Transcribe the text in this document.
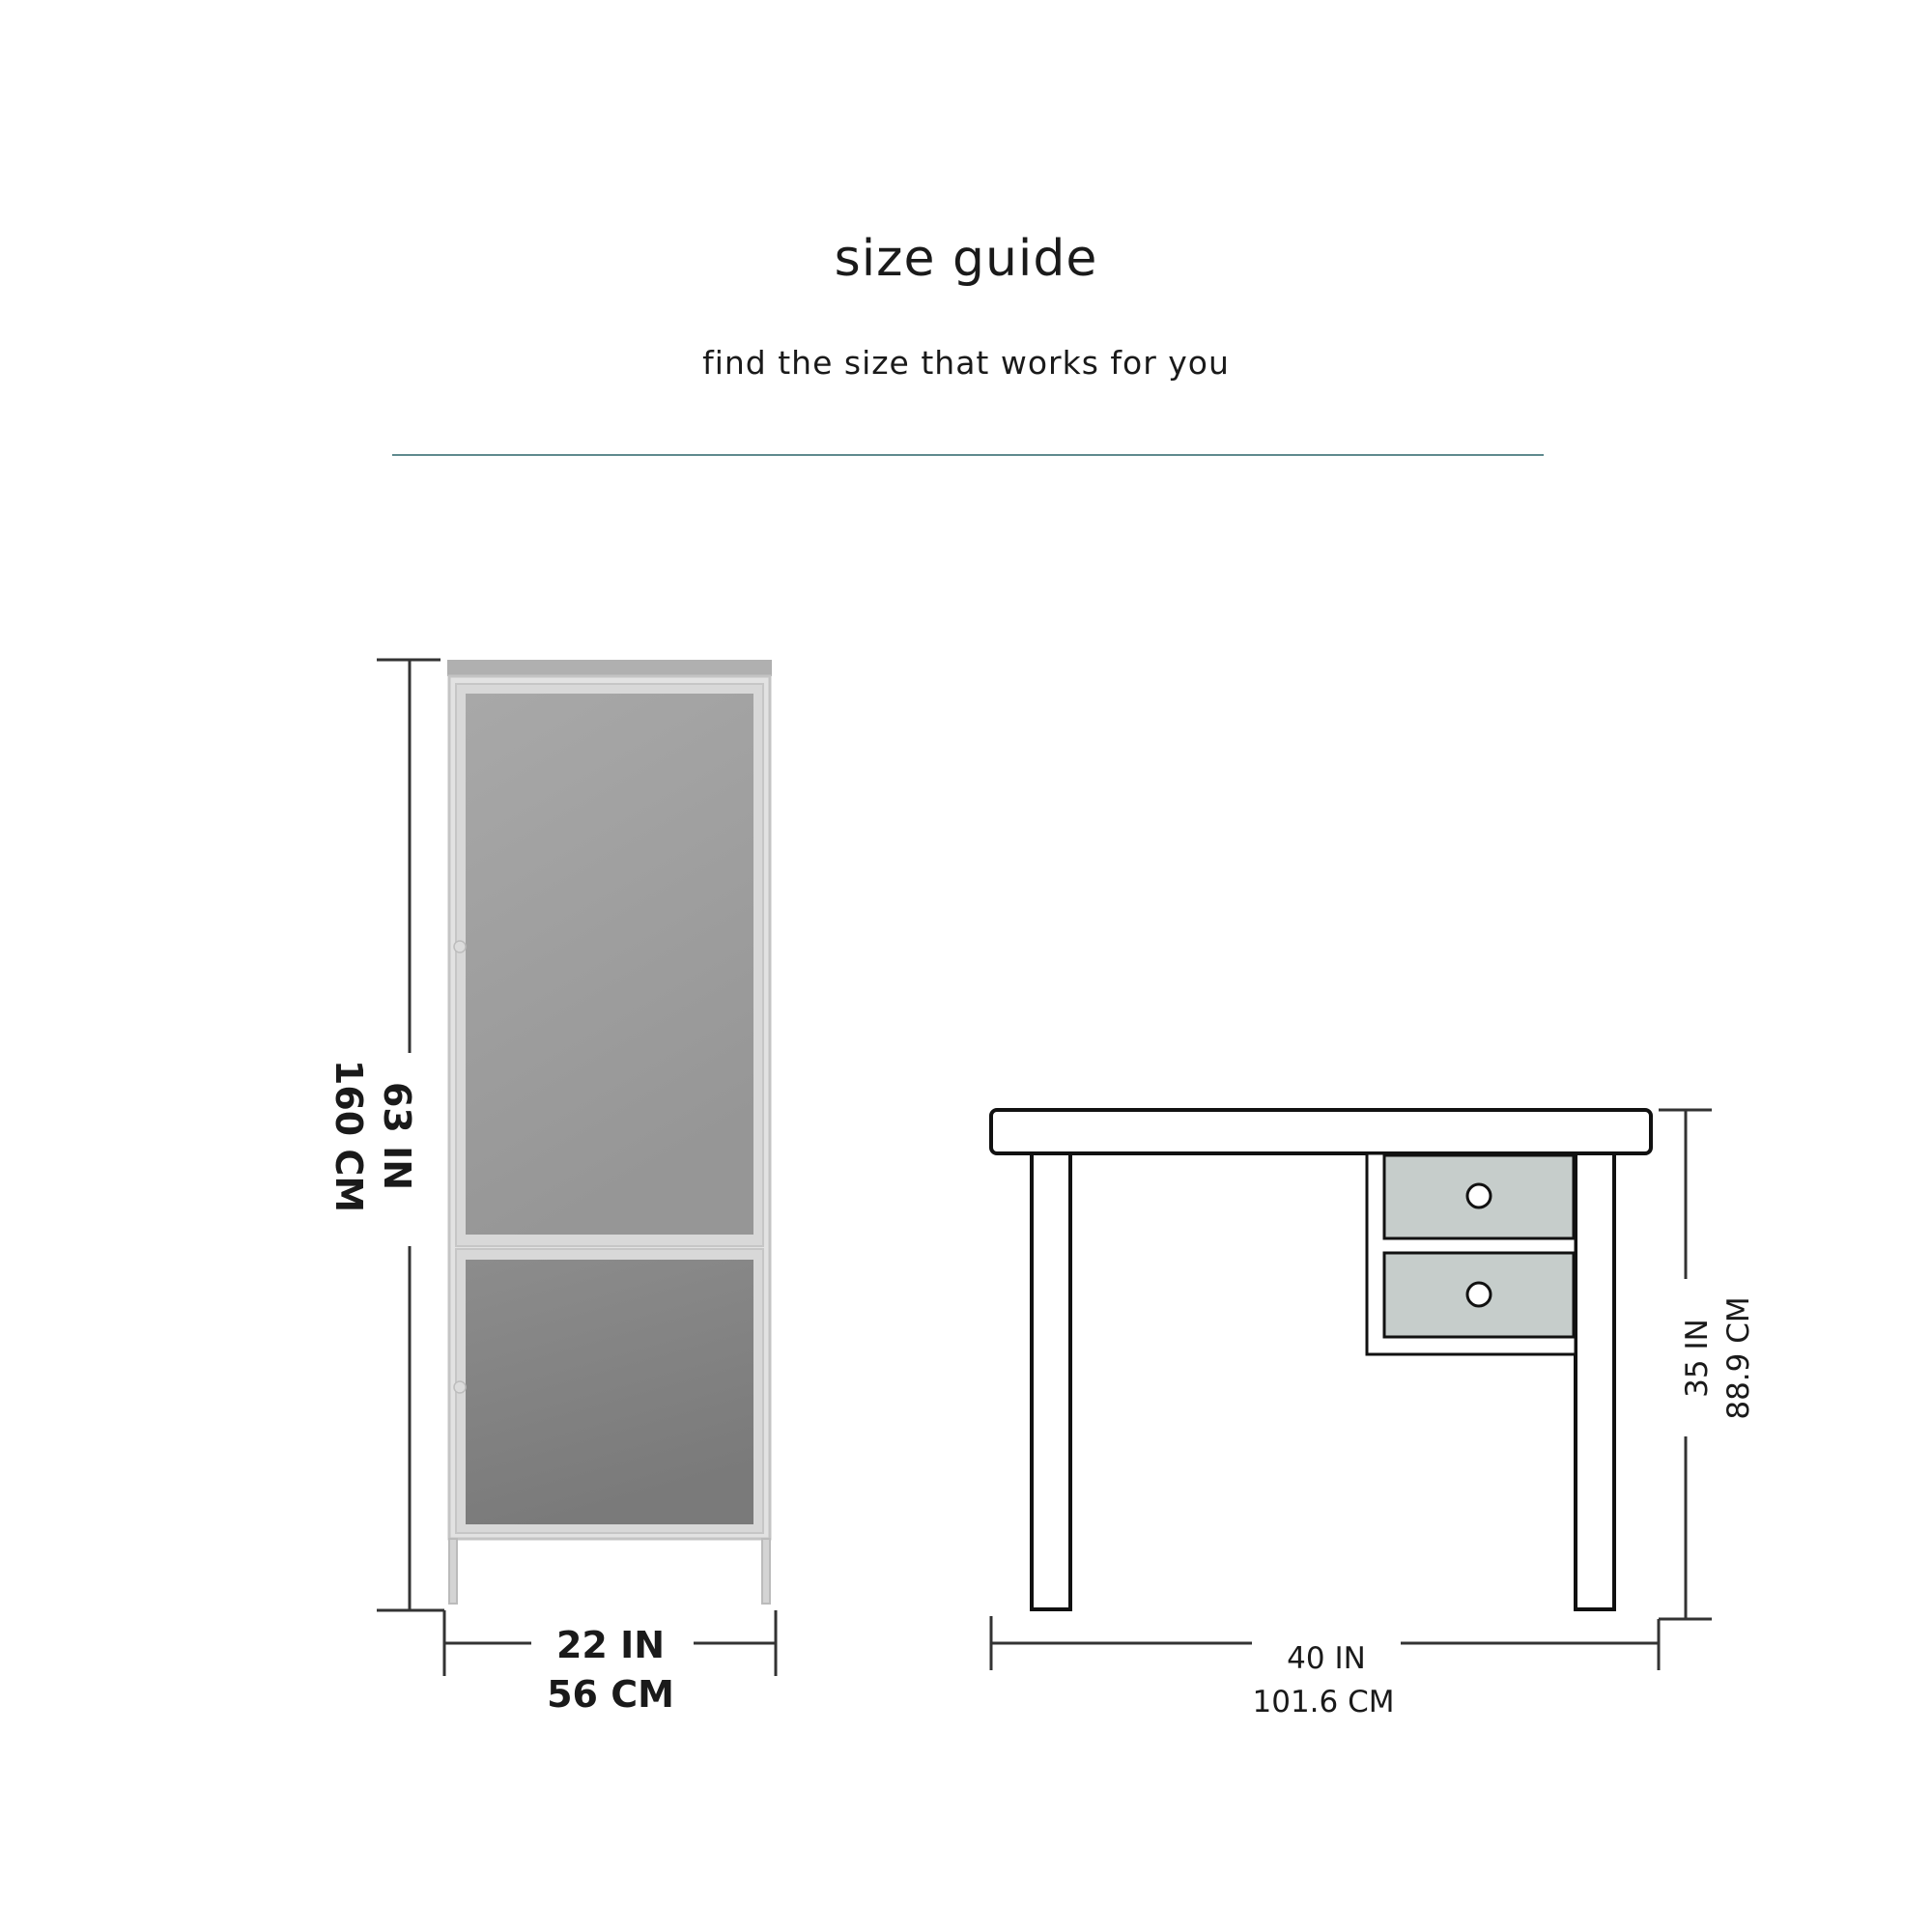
size guide
find the size that works for you
63 IN
160 CM
22 IN
56 CM
35 IN 88.9 CM
40 IN
101.6 CM
